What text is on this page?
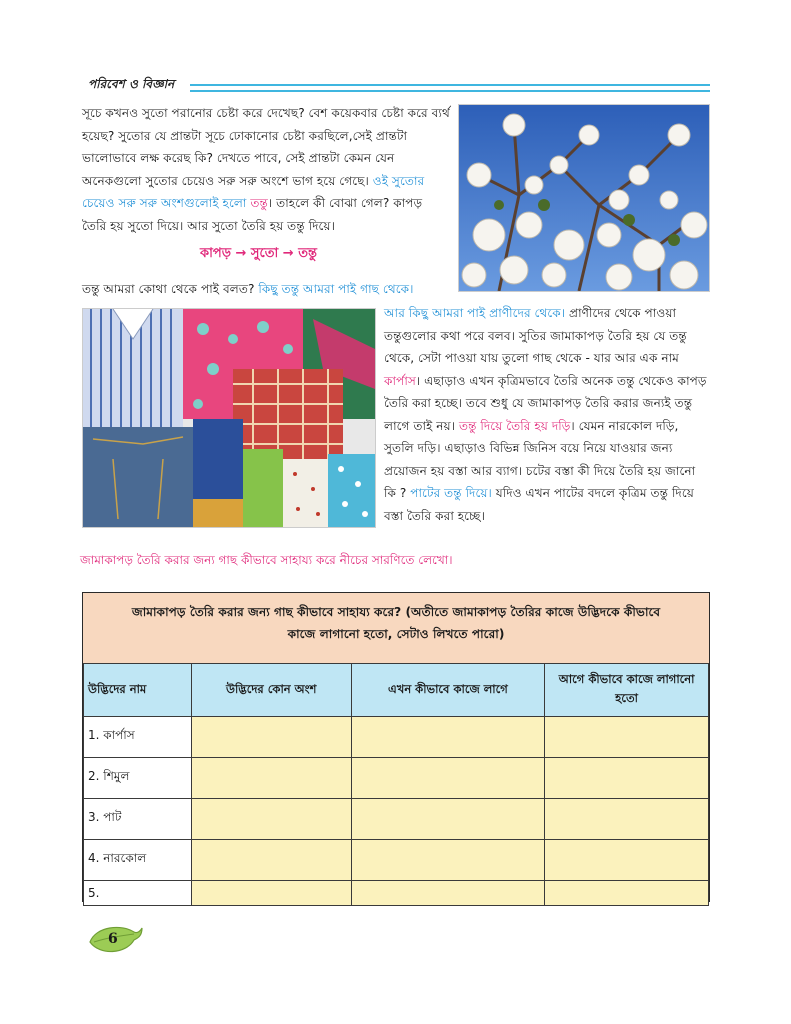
পরিবেশ ও বিজ্ঞান
সূচে কখনও সুতো পরানোর চেষ্টা করে দেখেছ? বেশ কয়েকবার চেষ্টা করে ব্যর্থ হয়েছ? সুতোর যে প্রান্তটা সূচে ঢোকানোর চেষ্টা করছিলে,সেই প্রান্তটা ভালোভাবে লক্ষ করেছ কি? দেখতে পাবে, সেই প্রান্তটা কেমন যেন অনেকগুলো সুতোর চেয়েও সরু সরু অংশে ভাগ হয়ে গেছে। ওই সুতোর চেয়েও সরু সরু অংশগুলোই হলো তন্তু। তাহলে কী বোঝা গেল? কাপড় তৈরি হয় সুতো দিয়ে। আর সুতো তৈরি হয় তন্তু দিয়ে।
কাপড় → সুতো → তন্তু
তন্তু আমরা কোথা থেকে পাই বলত? কিছু তন্তু আমরা পাই গাছ থেকে।
আর কিছু আমরা পাই প্রাণীদের থেকে। প্রাণীদের থেকে পাওয়া তন্তুগুলোর কথা পরে বলব। সুতির জামাকাপড় তৈরি হয় যে তন্তু থেকে, সেটা পাওয়া যায় তুলো গাছ থেকে - যার আর এক নাম কার্পাস। এছাড়াও এখন কৃত্রিমভাবে তৈরি অনেক তন্তু থেকেও কাপড় তৈরি করা হচ্ছে। তবে শুধু যে জামাকাপড় তৈরি করার জন্যই তন্তু লাগে তাই নয়। তন্তু দিয়ে তৈরি হয় দড়ি। যেমন নারকোল দড়ি, সুতলি দড়ি। এছাড়াও বিভিন্ন জিনিস বয়ে নিয়ে যাওয়ার জন্য প্রয়োজন হয় বস্তা আর ব্যাগ। চটের বস্তা কী দিয়ে তৈরি হয় জানো কি ? পাটের তন্তু দিয়ে। যদিও এখন পাটের বদলে কৃত্রিম তন্তু দিয়ে বস্তা তৈরি করা হচ্ছে।
জামাকাপড় তৈরি করার জন্য গাছ কীভাবে সাহায্য করে নীচের সারণিতে লেখো।
জামাকাপড় তৈরি করার জন্য গাছ কীভাবে সাহায্য করে? (অতীতে জামাকাপড় তৈরির কাজে উদ্ভিদকে কীভাবে
কাজে লাগানো হতো, সেটাও লিখতে পারো)
উদ্ভিদের নাম	উদ্ভিদের কোন অংশ	এখন কীভাবে কাজে লাগে	আগে কীভাবে কাজে লাগানো হতো
1. কার্পাস			
2. শিমুল			
3. পাট			
4. নারকোল			
5.			
6
